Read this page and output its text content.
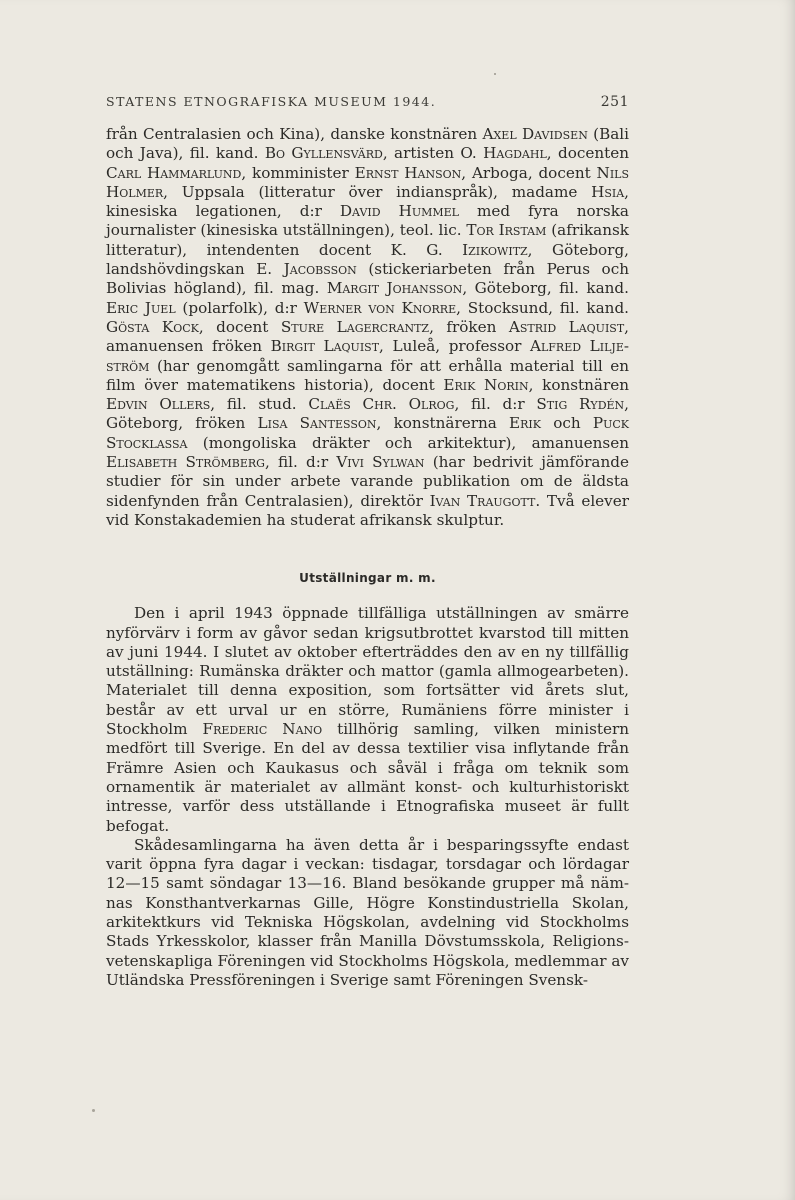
STATENS ETNOGRAFISKA MUSEUM 1944.	251

från Centralasien och Kina), danske konstnären Axel Davidsen (Bali och Java), fil. kand. Bo Gyllensvärd, artisten O. Hagdahl, docenten Carl Hammarlund, komminister Ernst Hanson, Arboga, docent Nils Holmer, Uppsala (litteratur över indianspråk), madame Hsia, kinesiska legationen, d:r David Hummel med fyra norska journalister (kinesiska utställningen), teol. lic. Tor Irstam (afrikansk litteratur), intendenten docent K. G. Izikowitz, Göteborg, landshövdingskan E. Jacobsson (stickeriarbeten från Perus och Bolivias högland), fil. mag. Margit Johansson, Göteborg, fil. kand. Eric Juel (polarfolk), d:r Werner von Knorre, Stocksund, fil. kand. Gösta Kock, docent Sture Lagercrantz, fröken Astrid Laquist, amanuensen fröken Birgit Laquist, Luleå, professor Alfred Liljeström (har genomgått samlingarna för att erhålla material till en film över matematikens historia), docent Erik Norin, konstnären Edvin Ollers, fil. stud. Claës Chr. Olrog, fil. d:r Stig Rydén, Göteborg, fröken Lisa Santesson, konstnärerna Erik och Puck Stocklassa (mongoliska dräkter och arkitektur), amanuensen Elisabeth Strömberg, fil. d:r Vivi Sylwan (har bedrivit jämförande studier för sin under arbete varande publikation om de äldsta sidenfynden från Centralasien), direktör Ivan Traugott. Två elever vid Konstakademien ha studerat afrikansk skulptur.

Utställningar m. m.

Den i april 1943 öppnade tillfälliga utställningen av smärre nyförvärv i form av gåvor sedan krigsutbrottet kvarstod till mitten av juni 1944. I slutet av oktober efterträddes den av en ny tillfällig utställning: Rumänska dräkter och mattor (gamla allmogearbeten). Materialet till denna exposition, som fortsätter vid årets slut, består av ett urval ur en större, Rumäniens förre minister i Stockholm Frederic Nano tillhörig samling, vilken ministern medfört till Sverige. En del av dessa textilier visa inflytande från Främre Asien och Kaukasus och såväl i fråga om teknik som ornamentik är materialet av allmänt konst- och kulturhistoriskt intresse, varför dess utställande i Etnografiska museet är fullt befogat.

Skådesamlingarna ha även detta år i besparingssyfte endast varit öppna fyra dagar i veckan: tisdagar, torsdagar och lördagar 12—15 samt söndagar 13—16. Bland besökande grupper må nämnas Konsthantverkarnas Gille, Högre Konstindustriella Skolan, arkitektkurs vid Tekniska Högskolan, avdelning vid Stockholms Stads Yrkesskolor, klasser från Manilla Dövstumsskola, Religionsvetenskapliga Föreningen vid Stockholms Högskola, medlemmar av Utländska Pressföreningen i Sverige samt Föreningen Svensk-
